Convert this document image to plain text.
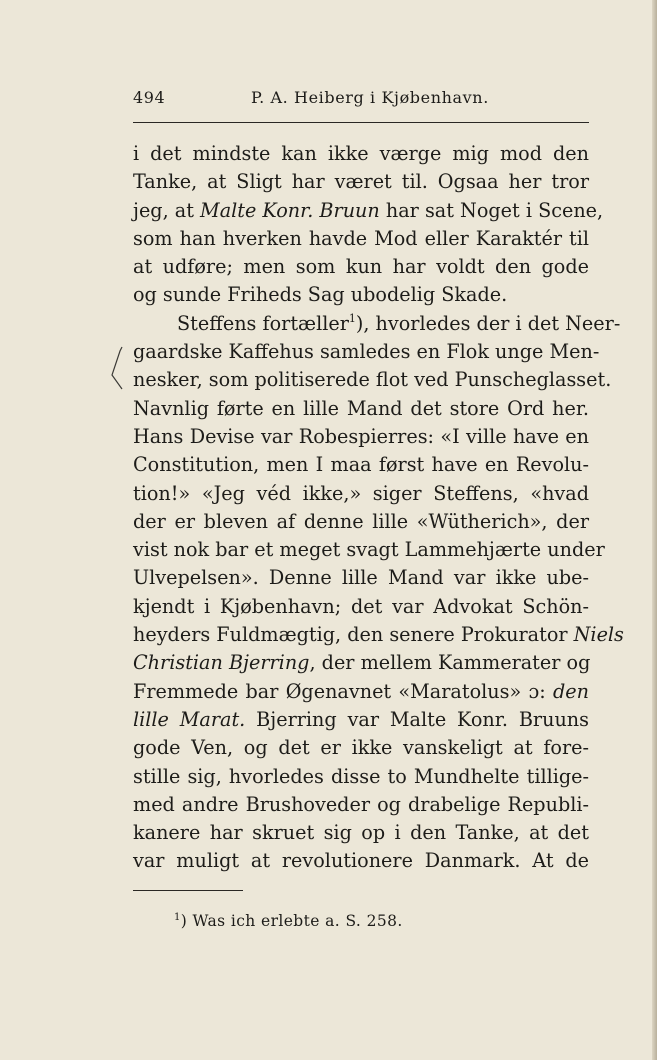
494	P. A. Heiberg i Kjøbenhavn.
i det mindste kan ikke værge mig mod den
Tanke, at Sligt har været til. Ogsaa her tror
jeg, at Malte Konr. Bruun har sat Noget i Scene,
som han hverken havde Mod eller Karaktér til
at udføre; men som kun har voldt den gode
og sunde Friheds Sag ubodelig Skade.
Steffens fortæller$^1$), hvorledes der i det Neer-
gaardske Kaffehus samledes en Flok unge Men-
nesker, som politiserede flot ved Punscheglasset.
Navnlig førte en lille Mand det store Ord her.
Hans Devise var Robespierres: «I ville have en
Constitution, men I maa først have en Revolu-
tion!» «Jeg véd ikke,» siger Steffens, «hvad
der er bleven af denne lille «Wütherich», der
vist nok bar et meget svagt Lammehjærte under
Ulvepelsen». Denne lille Mand var ikke ube-
kjendt i Kjøbenhavn; det var Advokat Schön-
heyders Fuldmægtig, den senere Prokurator Niels
Christian Bjerring, der mellem Kammerater og
Fremmede bar Øgenavnet «Maratolus» ɔ: den
lille Marat. Bjerring var Malte Konr. Bruuns
gode Ven, og det er ikke vanskeligt at fore-
stille sig, hvorledes disse to Mundhelte tillige-
med andre Brushoveder og drabelige Republi-
kanere har skruet sig op i den Tanke, at det
var muligt at revolutionere Danmark. At de
$^1$) Was ich erlebte a. S. 258.
